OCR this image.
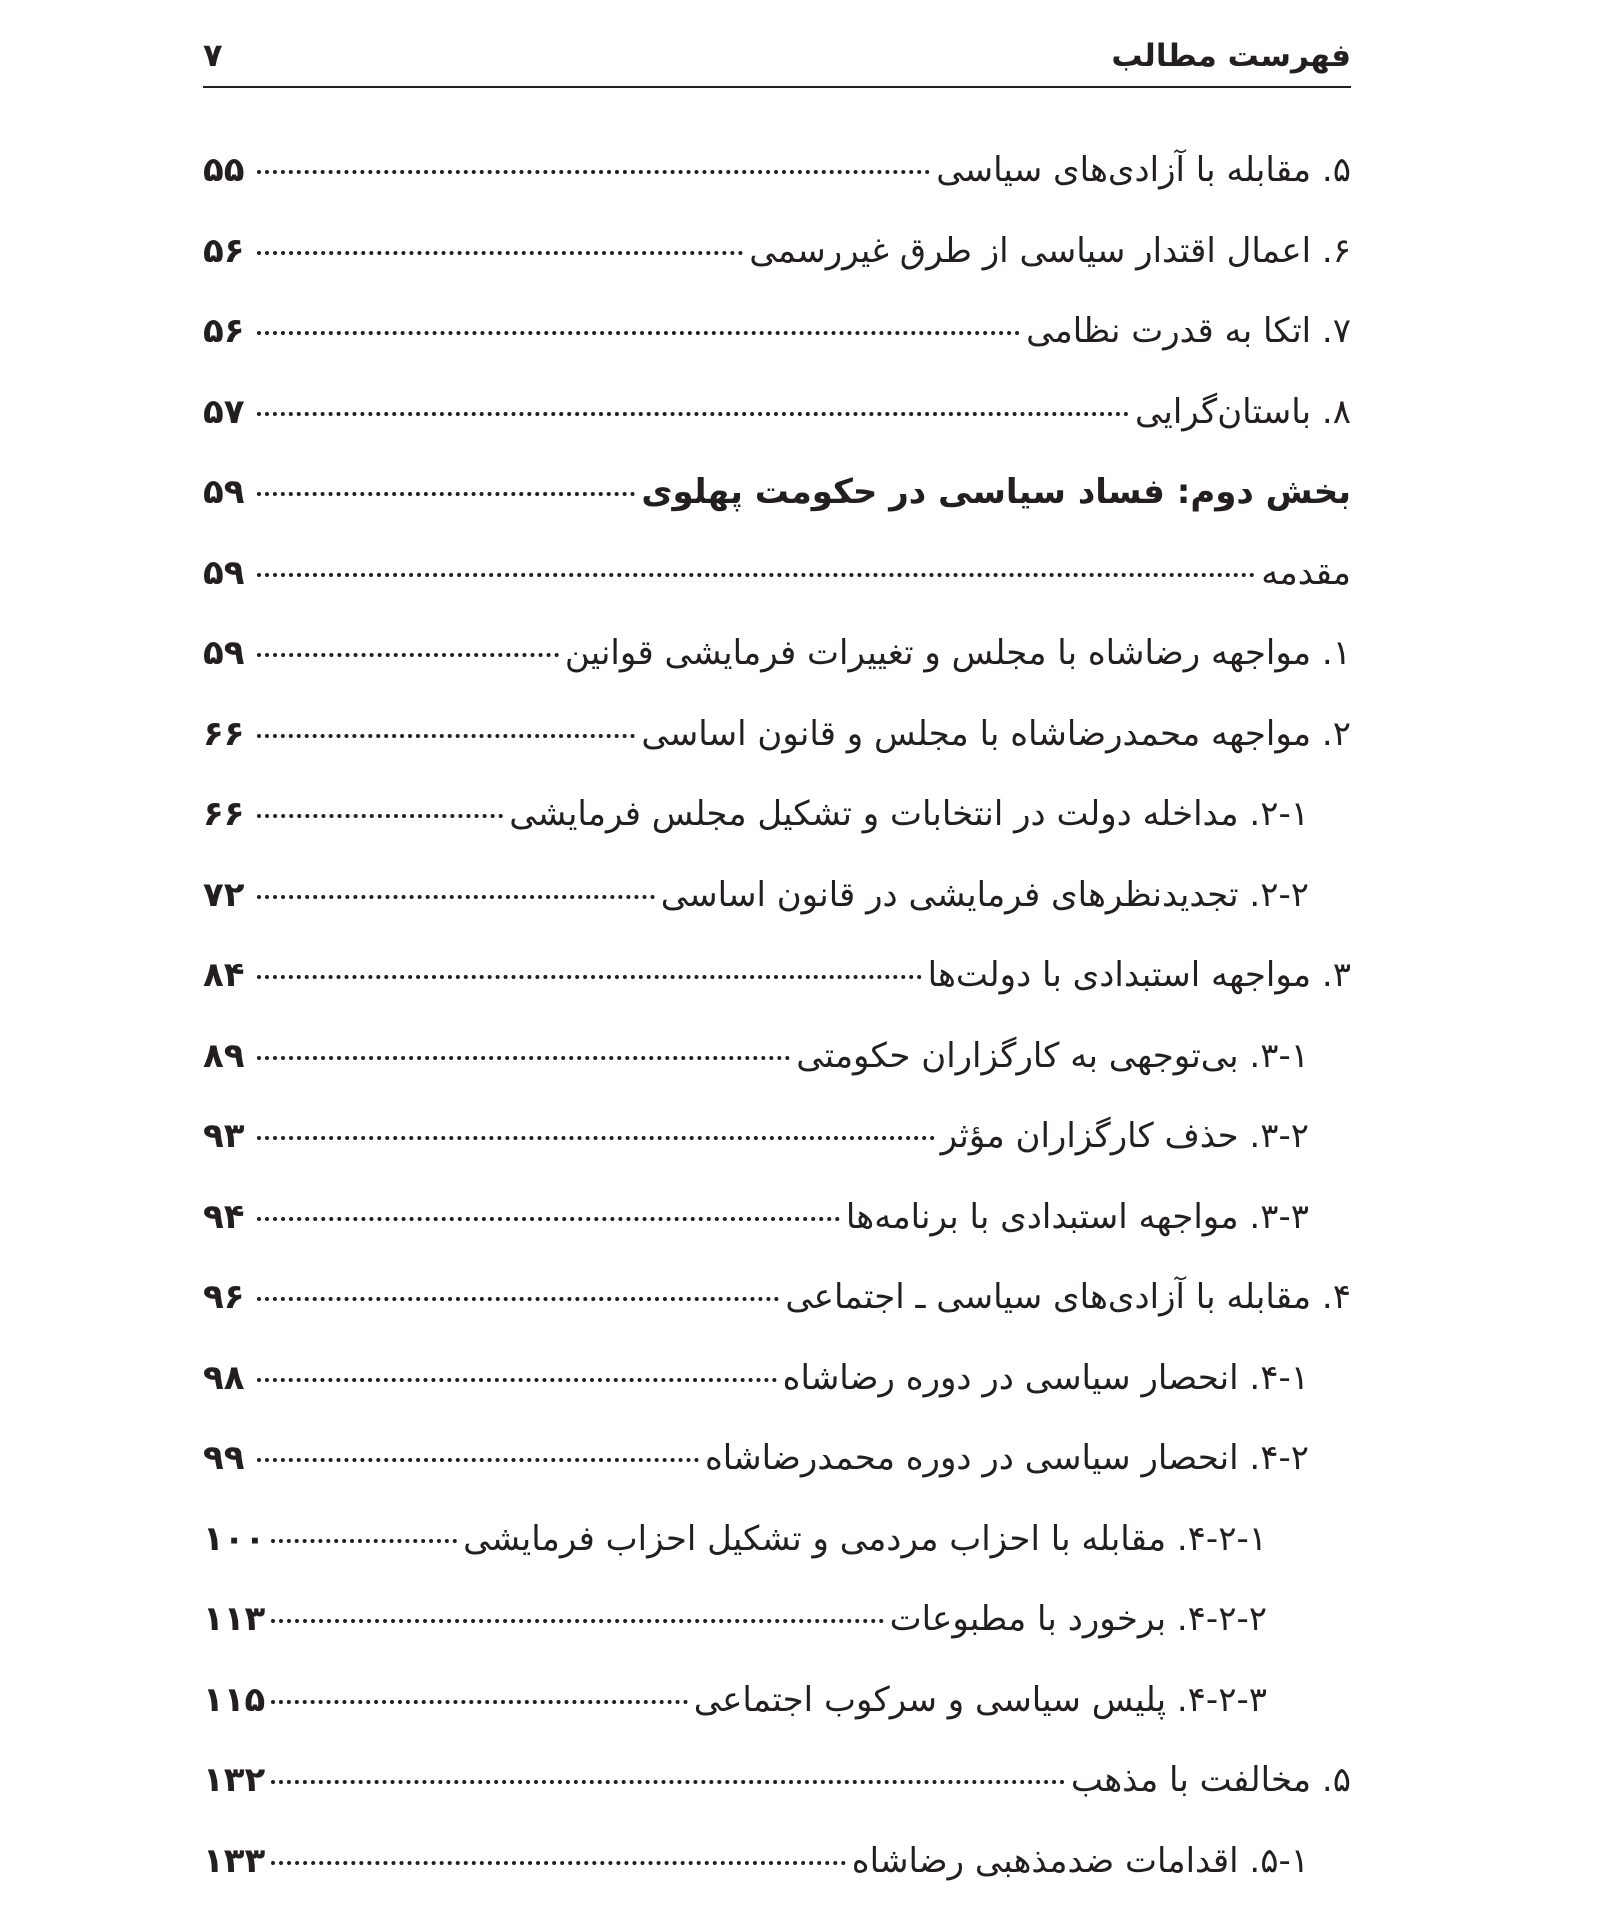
فهرست مطالب
۷
۵. مقابله با آزادی‌های سیاسی
۵۵
۶. اعمال اقتدار سیاسی از طرق غیررسمی
۵۶
۷. اتکا به قدرت نظامی
۵۶
۸. باستان‌گرایی
۵۷
بخش دوم: فساد سیاسی در حکومت پهلوی
۵۹
مقدمه
۵۹
۱. مواجهه رضاشاه با مجلس و تغییرات فرمایشی قوانین
۵۹
۲. مواجهه محمدرضاشاه با مجلس و قانون اساسی
۶۶
۲-۱. مداخله دولت در انتخابات و تشکیل مجلس فرمایشی
۶۶
۲-۲. تجدیدنظرهای فرمایشی در قانون اساسی
۷۲
۳. مواجهه استبدادی با دولت‌ها
۸۴
۳-۱. بی‌توجهی به کارگزاران حکومتی
۸۹
۳-۲. حذف کارگزاران مؤثر
۹۳
۳-۳. مواجهه استبدادی با برنامه‌ها
۹۴
۴. مقابله با آزادی‌های سیاسی ـ اجتماعی
۹۶
۴-۱. انحصار سیاسی در دوره رضاشاه
۹۸
۴-۲. انحصار سیاسی در دوره محمدرضاشاه
۹۹
۴-۲-۱. مقابله با احزاب مردمی و تشکیل احزاب فرمایشی
۱۰۰
۴-۲-۲. برخورد با مطبوعات
۱۱۳
۴-۲-۳. پلیس سیاسی و سرکوب اجتماعی
۱۱۵
۵. مخالفت با مذهب
۱۳۲
۵-۱. اقدامات ضدمذهبی رضاشاه
۱۳۳
